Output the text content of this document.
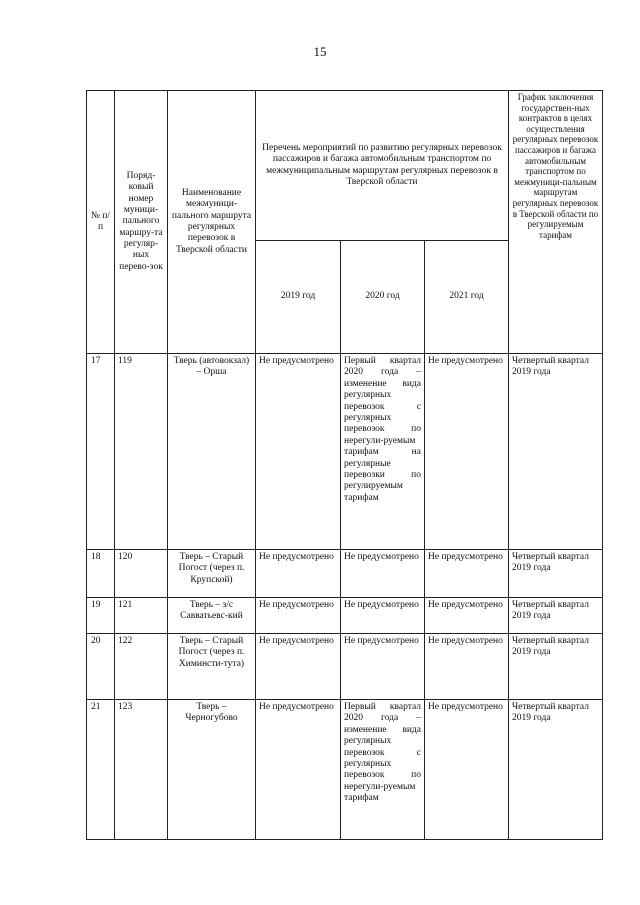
15
№ п/п	Поряд-ковый номер муници-пального маршру-та регуляр-ных перево-зок	Наименование межмуници-пального маршрута регулярных перевозок в Тверской области	Перечень мероприятий по развитию регулярных перевозок пассажиров и багажа автомобильным транспортом по межмуниципальным маршрутам регулярных перевозок в Тверской области			График заключения государствен-ных контрактов в целях осуществления регулярных перевозок пассажиров и багажа автомобильным транспортом по межмуници-пальным маршрутам регулярных перевозок в Тверской области по регулируемым тарифам
			2019 год	2020 год	2021 год	
17	119	Тверь (автовокзал) – Орша	Не предусмотрено	Первый квартал 2020 года – изменение вида регулярных перевозок с регулярных перевозок по нерегули-руемым тарифам на регулярные перевозки по регулируемым тарифам	Не предусмотрено	Четвертый квартал 2019 года
18	120	Тверь – Старый Погост (через п. Крупской)	Не предусмотрено	Не предусмотрено	Не предусмотрено	Четвертый квартал 2019 года
19	121	Тверь – з/с Савватьевс-кий	Не предусмотрено	Не предусмотрено	Не предусмотрено	Четвертый квартал 2019 года
20	122	Тверь – Старый Погост (через п. Химинсти-тута)	Не предусмотрено	Не предусмотрено	Не предусмотрено	Четвертый квартал 2019 года
21	123	Тверь – Черногубово	Не предусмотрено	Первый квартал 2020 года – изменение вида регулярных перевозок с регулярных перевозок по нерегули-руемым тарифам	Не предусмотрено	Четвертый квартал 2019 года
